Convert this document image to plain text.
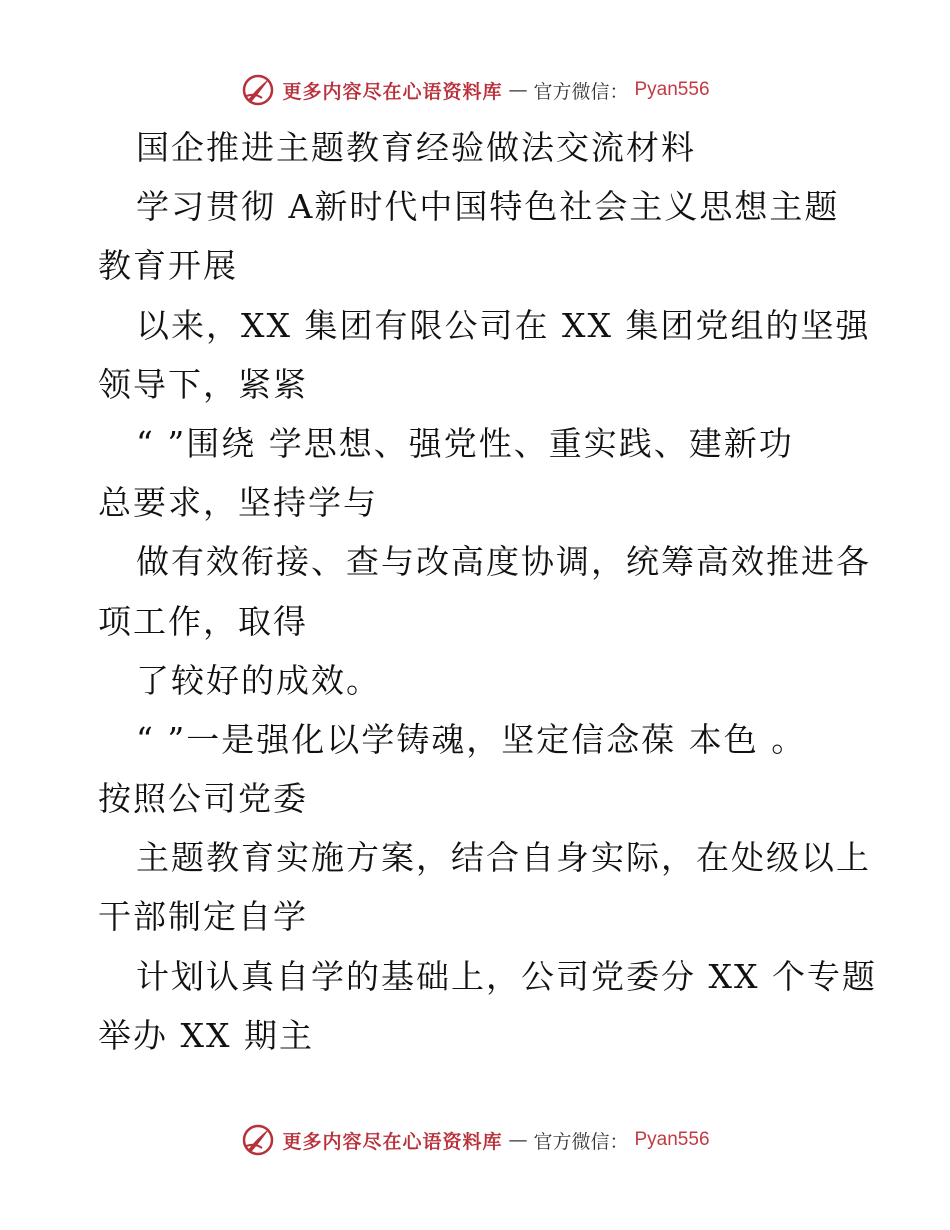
更多内容尽在心语资料库 — 官方微信： Pyan556
国企推进主题教育经验做法交流材料
学习贯彻 A新时代中国特色社会主义思想主题
教育开展
以来，XX 集团有限公司在 XX 集团党组的坚强
领导下，紧紧
“ ”围绕 学思想、强党性、重实践、建新功
总要求，坚持学与
做有效衔接、查与改高度协调，统筹高效推进各
项工作，取得
了较好的成效。
“ ”一是强化以学铸魂，坚定信念葆 本色 。
按照公司党委
主题教育实施方案，结合自身实际，在处级以上
干部制定自学
计划认真自学的基础上，公司党委分 XX 个专题
举办 XX 期主
更多内容尽在心语资料库 — 官方微信： Pyan556
